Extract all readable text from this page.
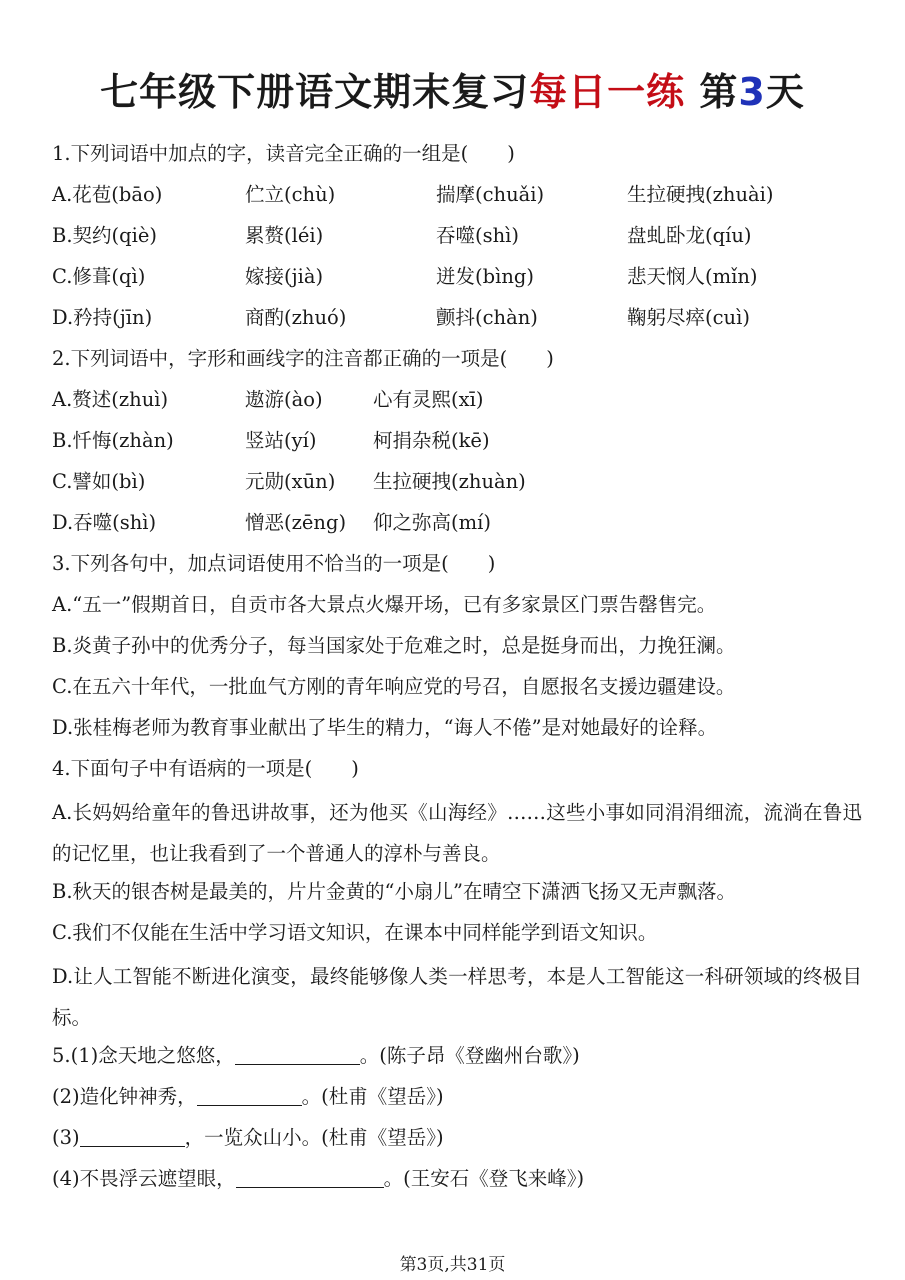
七年级下册语文期末复习每日一练 第3天
1.下列词语中加点的字，读音完全正确的一组是(　　)
A.花苞(bāo)	伫立(chù)	揣摩(chuǎi)	生拉硬拽(zhuài)
B.契约(qiè)	累赘(léi)	吞噬(shì)	盘虬卧龙(qíu)
C.修葺(qì)	嫁接(jià)	迸发(bìng)	悲天悯人(mǐn)
D.矜持(jīn)	商酌(zhuó)	颤抖(chàn)	鞠躬尽瘁(cuì)
2.下列词语中，字形和画线字的注音都正确的一项是(　　)
A.赘述(zhuì)	遨游(ào)	心有灵熙(xī)
B.忏悔(zhàn)	竖站(yí)	柯捐杂税(kē)
C.譬如(bì)	元勋(xūn) 生拉硬拽(zhuàn)
D.吞噬(shì)	憎恶(zēng) 仰之弥高(mí)
3.下列各句中，加点词语使用不恰当的一项是(　　)
A.“五一”假期首日，自贡市各大景点火爆开场，已有多家景区门票告罄售完。
B.炎黄子孙中的优秀分子，每当国家处于危难之时，总是挺身而出，力挽狂澜。
C.在五六十年代，一批血气方刚的青年响应党的号召，自愿报名支援边疆建设。
D.张桂梅老师为教育事业献出了毕生的精力，“诲人不倦”是对她最好的诠释。
4.下面句子中有语病的一项是(　　)
A.长妈妈给童年的鲁迅讲故事，还为他买《山海经》……这些小事如同涓涓细流，流淌在鲁迅的记忆里，也让我看到了一个普通人的淳朴与善良。
B.秋天的银杏树是最美的，片片金黄的“小扇儿”在晴空下潇洒飞扬又无声飘落。
C.我们不仅能在生活中学习语文知识，在课本中同样能学到语文知识。
D.让人工智能不断进化演变，最终能够像人类一样思考，本是人工智能这一科研领域的终极目标。
5.(1)念天地之悠悠，	。(陈子昂《登幽州台歌》)
(2)造化钟神秀，	。(杜甫《望岳》)
(3)	，一览众山小。(杜甫《望岳》)
(4)不畏浮云遮望眼，	。(王安石《登飞来峰》)
第3页,共31页
